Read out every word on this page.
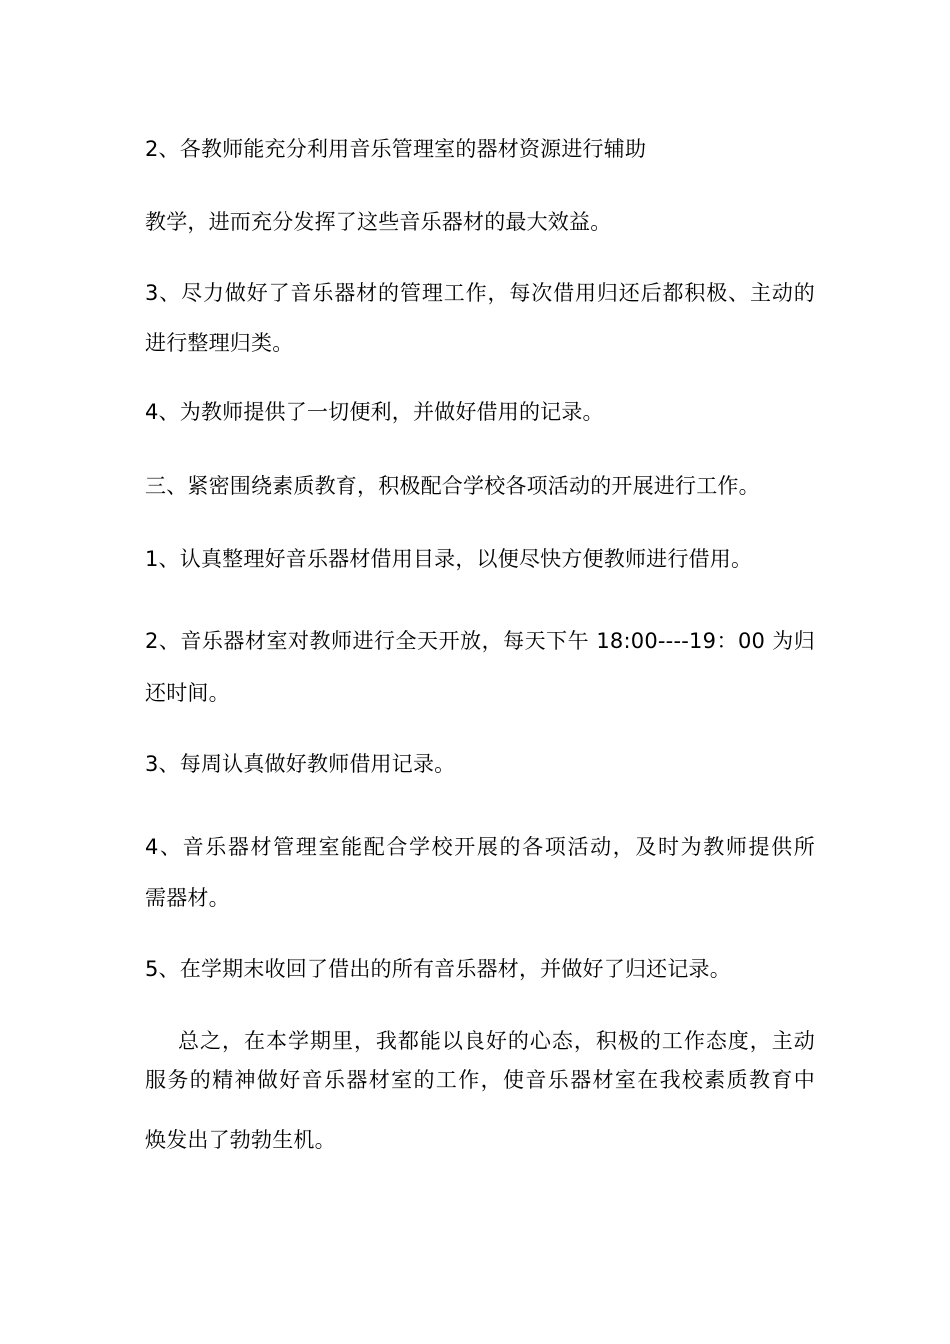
2、各教师能充分利用音乐管理室的器材资源进行辅助
教学，进而充分发挥了这些音乐器材的最大效益。
3、尽力做好了音乐器材的管理工作，每次借用归还后都积极、主动的
进行整理归类。
4、为教师提供了一切便利，并做好借用的记录。
三、紧密围绕素质教育，积极配合学校各项活动的开展进行工作。
1、认真整理好音乐器材借用目录，以便尽快方便教师进行借用。
2、音乐器材室对教师进行全天开放，每天下午 18:00----19：00 为归
还时间。
3、每周认真做好教师借用记录。
4、音乐器材管理室能配合学校开展的各项活动，及时为教师提供所
需器材。
5、在学期末收回了借出的所有音乐器材，并做好了归还记录。
总之，在本学期里，我都能以良好的心态，积极的工作态度，主动
服务的精神做好音乐器材室的工作，使音乐器材室在我校素质教育中
焕发出了勃勃生机。
